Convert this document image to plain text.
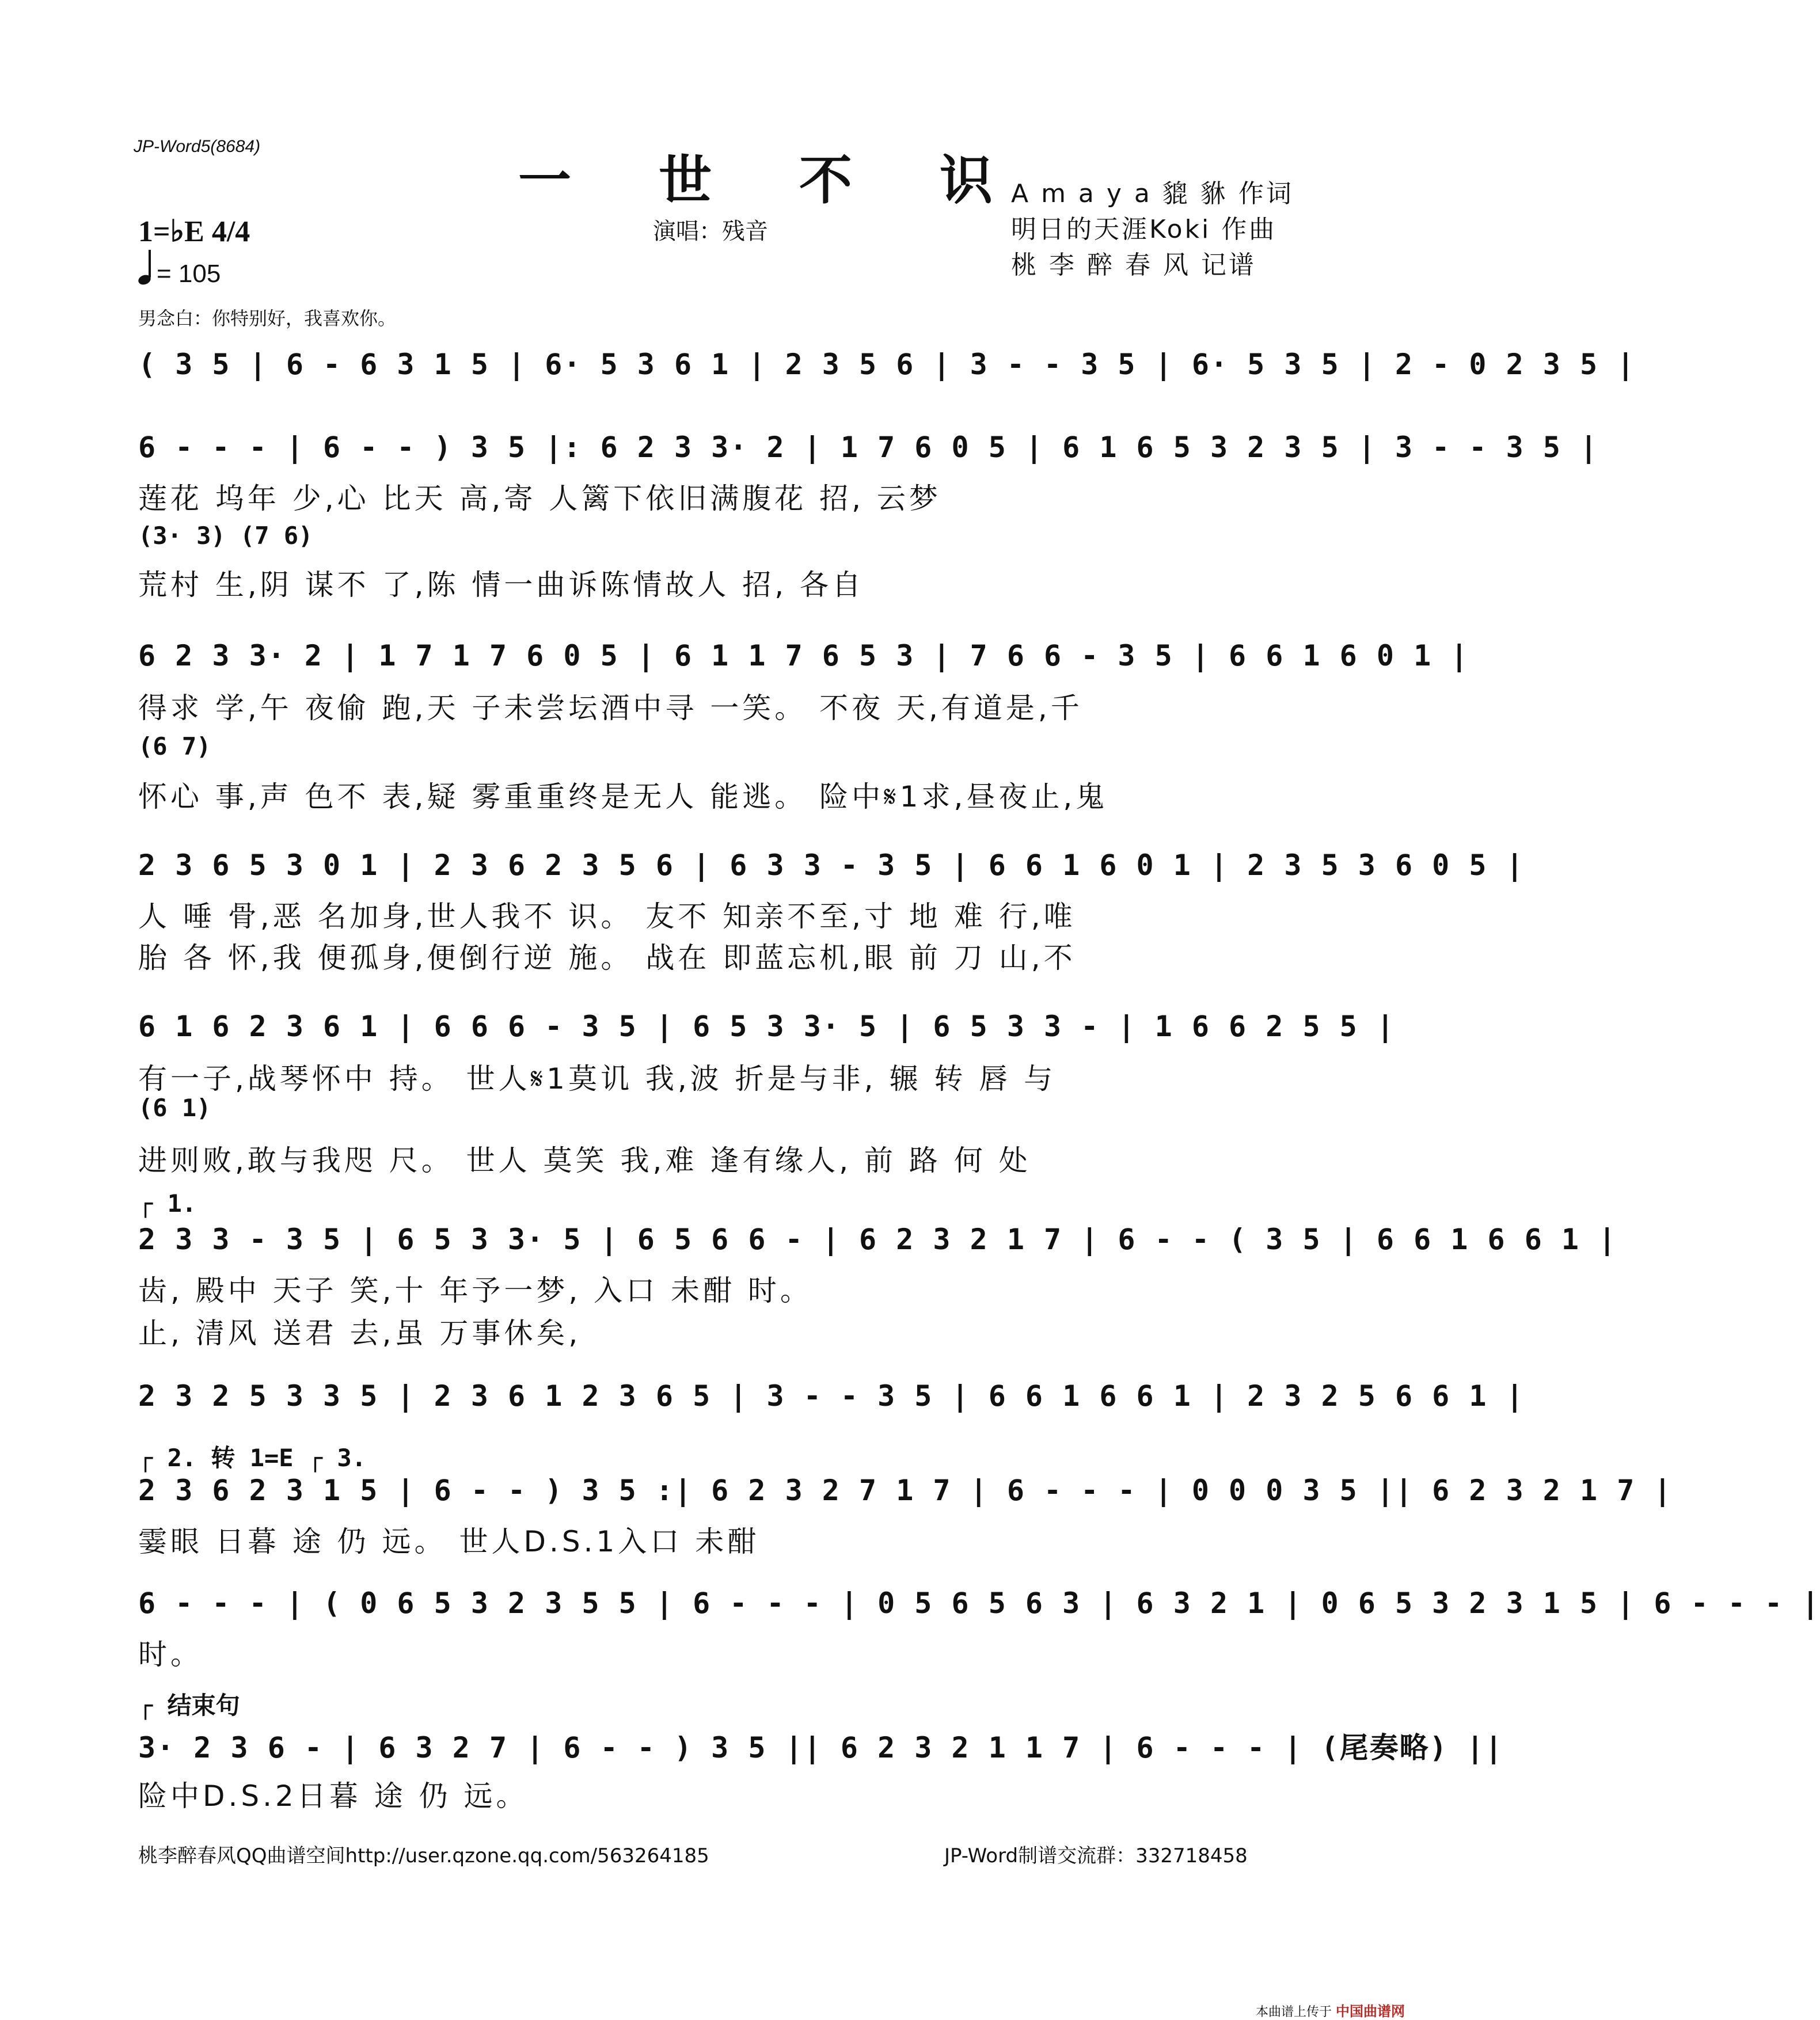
JP-Word5(8684)
一 世 不 识
演唱：残音
A m a y a 貔 貅 作词
明日的天涯Koki 作曲
桃 李 醉 春 风 记谱
1=♭E 4/4
= 105
男念白：你特别好，我喜欢你。
( 3 5 | 6 - 6 3 1 5 | 6· 5 3 6 1 | 2 3 5 6 | 3 - - 3 5 | 6· 5 3 5 | 2 - 0 2 3 5 |
6 - - - | 6 - - ) 3 5 |: 6 2 3 3· 2 | 1 7 6 0 5 | 6 1 6 5 3 2 3 5 | 3 - - 3 5 |
莲花 坞年 少,心 比天 高,寄 人篱下依旧满腹花 招, 云梦
(3· 3) (7 6)
荒村 生,阴 谋不 了,陈 情一曲诉陈情故人 招, 各自
6 2 3 3· 2 | 1 7 1 7 6 0 5 | 6 1 1 7 6 5 3 | 7 6 6 - 3 5 | 6 6 1 6 0 1 |
得求 学,午 夜偷 跑,天 子未尝坛酒中寻 一笑。 不夜 天,有道是,千
(6 7)
怀心 事,声 色不 表,疑 雾重重终是无人 能逃。 险中𝄋1求,昼夜止,鬼
2 3 6 5 3 0 1 | 2 3 6 2 3 5 6 | 6 3 3 - 3 5 | 6 6 1 6 0 1 | 2 3 5 3 6 0 5 |
人 唾 骨,恶 名加身,世人我不 识。 友不 知亲不至,寸 地 难 行,唯
胎 各 怀,我 便孤身,便倒行逆 施。 战在 即蓝忘机,眼 前 刀 山,不
6 1 6 2 3 6 1 | 6 6 6 - 3 5 | 6 5 3 3· 5 | 6 5 3 3 - | 1 6 6 2 5 5 |
有一子,战琴怀中 持。 世人𝄋1莫讥 我,波 折是与非, 辗 转 唇 与
(6 1)
进则败,敢与我咫 尺。 世人 莫笑 我,难 逢有缘人, 前 路 何 处
┌ 1.
2 3 3 - 3 5 | 6 5 3 3· 5 | 6 5 6 6 - | 6 2 3 2 1 7 | 6 - - ( 3 5 | 6 6 1 6 6 1 |
齿, 殿中 天子 笑,十 年予一梦, 入口 未酣 时。
止, 清风 送君 去,虽 万事休矣,
2 3 2 5 3 3 5 | 2 3 6 1 2 3 6 5 | 3 - - 3 5 | 6 6 1 6 6 1 | 2 3 2 5 6 6 1 |
┌ 2. 转 1=E ┌ 3.
2 3 6 2 3 1 5 | 6 - - ) 3 5 :| 6 2 3 2 7 1 7 | 6 - - - | 0 0 0 3 5 || 6 2 3 2 1 7 |
霎眼 日暮 途 仍 远。 世人D.S.1入口 未酣
6 - - - | ( 0 6 5 3 2 3 5 5 | 6 - - - | 0 5 6 5 6 3 | 6 3 2 1 | 0 6 5 3 2 3 1 5 | 6 - - - |
时。
┌ 结束句
3· 2 3 6 - | 6 3 2 7 | 6 - - ) 3 5 || 6 2 3 2 1 1 7 | 6 - - - | (尾奏略) ||
险中D.S.2日暮 途 仍 远。
桃李醉春风QQ曲谱空间http://user.qzone.qq.com/563264185	JP-Word制谱交流群：332718458
本曲谱上传于 中国曲谱网
